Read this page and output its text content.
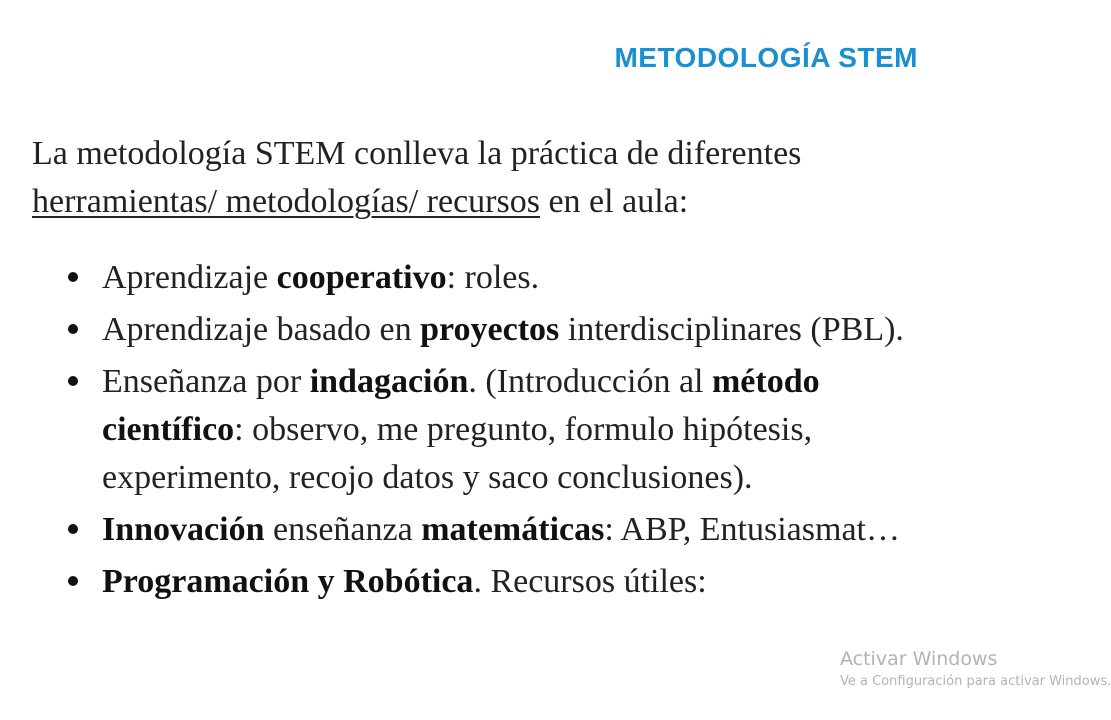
METODOLOGÍA STEM

La metodología STEM conlleva la práctica de diferentes herramientas/ metodologías/ recursos en el aula:

Aprendizaje cooperativo: roles.
Aprendizaje basado en proyectos interdisciplinares (PBL).
Enseñanza por indagación. (Introducción al método científico: observo, me pregunto, formulo hipótesis, experimento, recojo datos y saco conclusiones).
Innovación enseñanza matemáticas: ABP, Entusiasmat…
Programación y Robótica. Recursos útiles:
Activar Windows
Ve a Configuración para activar Windows.
